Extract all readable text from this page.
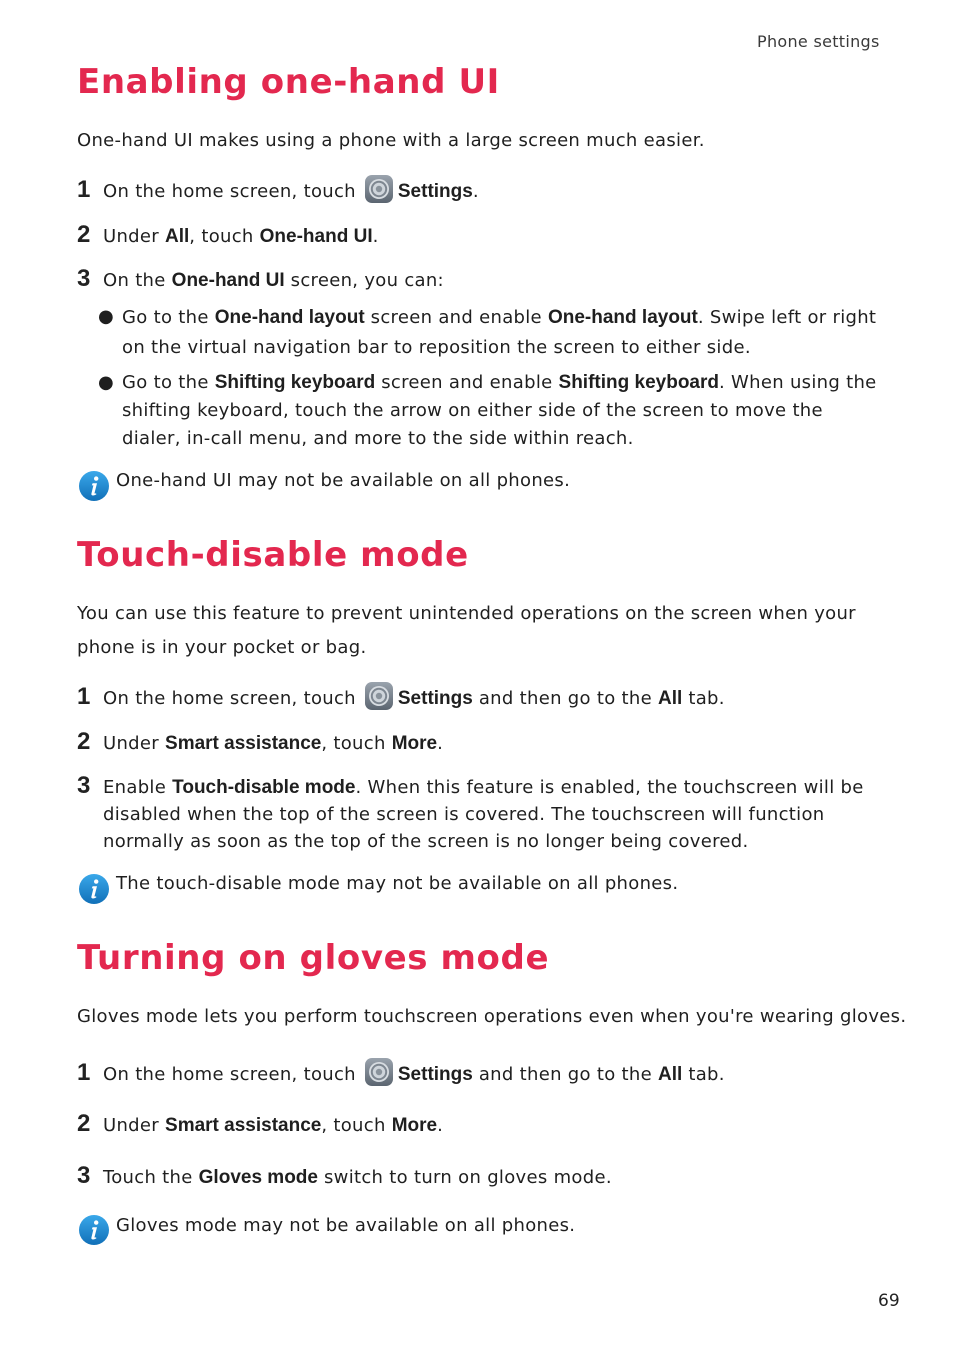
Phone settings
Enabling one-hand UI

One-hand UI makes using a phone with a large screen much easier.

1 On the home screen, touch Settings.
2 Under All, touch One-hand UI.
3 On the One-hand UI screen, you can:
● Go to the One-hand layout screen and enable One-hand layout. Swipe left or right on the virtual navigation bar to reposition the screen to either side.
● Go to the Shifting keyboard screen and enable Shifting keyboard. When using the shifting keyboard, touch the arrow on either side of the screen to move the dialer, in-call menu, and more to the side within reach.
One-hand UI may not be available on all phones.
Touch-disable mode

You can use this feature to prevent unintended operations on the screen when your phone is in your pocket or bag.

1 On the home screen, touch Settings and then go to the All tab.
2 Under Smart assistance, touch More.
3 Enable Touch-disable mode. When this feature is enabled, the touchscreen will be disabled when the top of the screen is covered. The touchscreen will function normally as soon as the top of the screen is no longer being covered.
The touch-disable mode may not be available on all phones.
Turning on gloves mode

Gloves mode lets you perform touchscreen operations even when you're wearing gloves.

1 On the home screen, touch Settings and then go to the All tab.
2 Under Smart assistance, touch More.
3 Touch the Gloves mode switch to turn on gloves mode.
Gloves mode may not be available on all phones.
69
